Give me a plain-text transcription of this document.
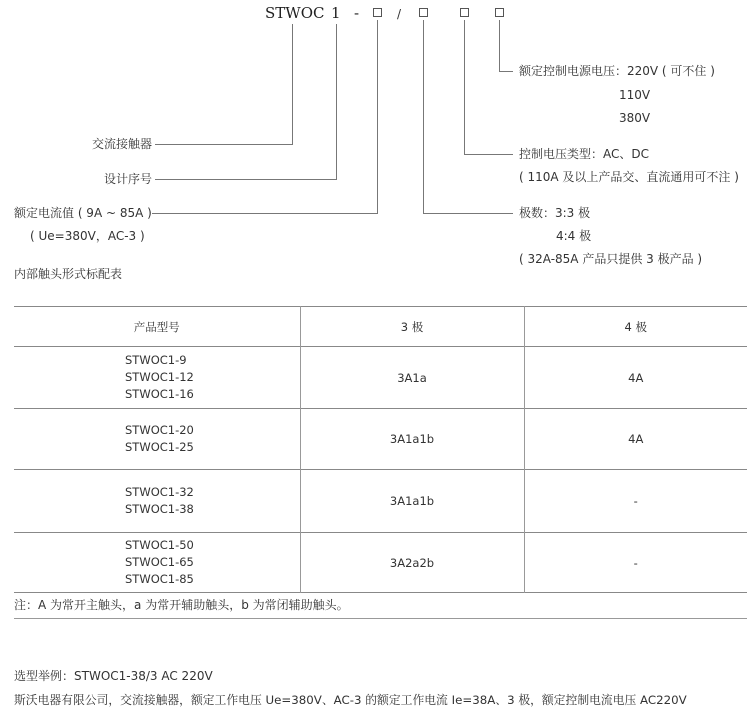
STWOC 1 -	/
交流接触器
设计序号
额定电流值 ( 9A ~ 85A )
( Ue=380V，AC-3 )
额定控制电源电压：220V ( 可不住 )
110V
380V
控制电压类型：AC、DC
( 110A 及以上产品交、直流通用可不注 )
极数：3:3 极
4:4 极
( 32A-85A 产品只提供 3 极产品 )
内部触头形式标配表
产品型号	3 极	4 极

STWOC1-9
STWOC1-12
STWOC1-16	3A1a	4A

STWOC1-20
STWOC1-25	3A1a1b	4A

STWOC1-32
STWOC1-38	3A1a1b	-

STWOC1-50
STWOC1-65
STWOC1-85	3A2a2b	-
注：A 为常开主触头，a 为常开辅助触头，b 为常闭辅助触头。
选型举例：STWOC1-38/3 AC 220V
斯沃电器有限公司，交流接触器，额定工作电压 Ue=380V、AC-3 的额定工作电流 Ie=38A、3 极，额定控制电流电压 AC220V
